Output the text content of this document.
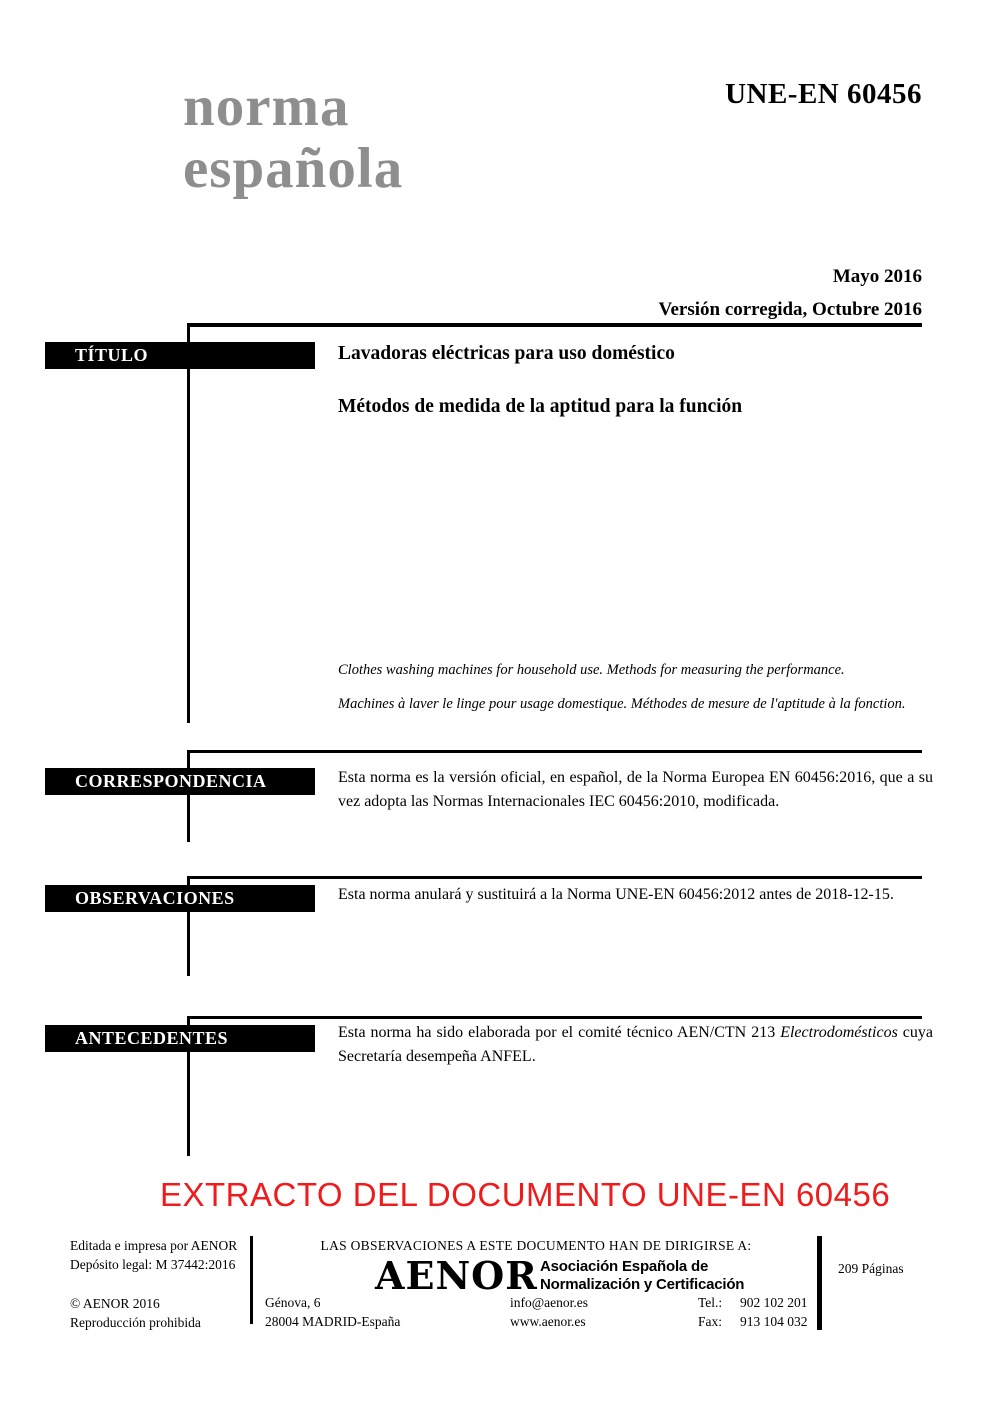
norma
española
UNE-EN 60456
Mayo 2016
Versión corregida, Octubre 2016
TÍTULO
CORRESPONDENCIA
OBSERVACIONES
ANTECEDENTES
Lavadoras eléctricas para uso doméstico
Métodos de medida de la aptitud para la función
Clothes washing machines for household use. Methods for measuring the performance.
Machines à laver le linge pour usage domestique. Méthodes de mesure de l'aptitude à la fonction.
Esta norma es la versión oficial, en español, de la Norma Europea EN 60456:2016, que a su vez adopta las Normas Internacionales IEC 60456:2010, modificada.
Esta norma anulará y sustituirá a la Norma UNE-EN 60456:2012 antes de 2018-12-15.
Esta norma ha sido elaborada por el comité técnico AEN/CTN 213 Electrodomésticos cuya Secretaría desempeña ANFEL.
EXTRACTO DEL DOCUMENTO UNE-EN 60456
Editada e impresa por AENOR
Depósito legal: M 37442:2016
© AENOR 2016
Reproducción prohibida
LAS OBSERVACIONES A ESTE DOCUMENTO HAN DE DIRIGIRSE A:
AENOR Asociación Española de
Normalización y Certificación
Génova, 6
28004 MADRID-España
info@aenor.es
www.aenor.es
Tel.:	902 102 201
Fax:	913 104 032
209 Páginas
